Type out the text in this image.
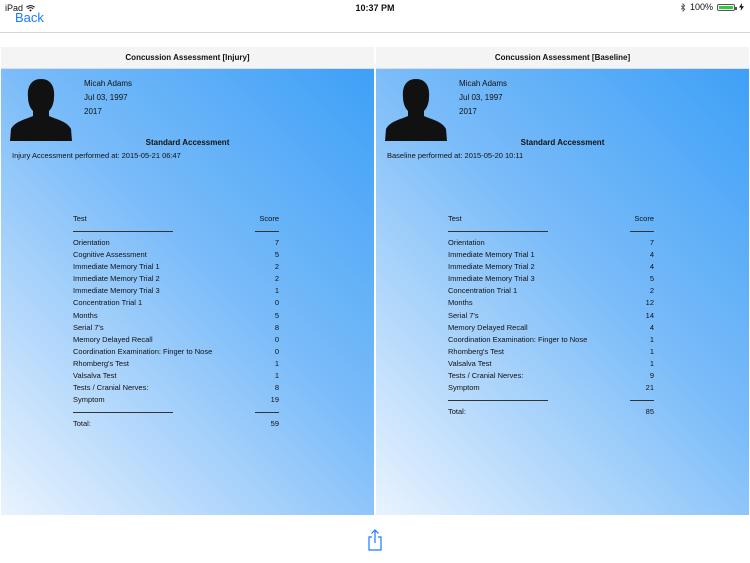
iPad	10:37 PM	100%
Back
Concussion Assessment [Injury]
Micah Adams
Jul 03, 1997
2017
Standard Accessment
Injury Accessment performed at: 2015-05-21 06:47
Test	Score
Orientation	7
Cognitive Assessment	5
Immediate Memory Trial 1	2
Immediate Memory Trial 2	2
Immediate Memory Trial 3	1
Concentration Trial 1	0
Months	5
Serial 7's	8
Memory Delayed Recall	0
Coordination Examination: Finger to Nose	0
Rhomberg's Test	1
Valsalva Test	1
Tests / Cranial Nerves:	8
Symptom	19
Total:	59
Concussion Assessment [Baseline]
Micah Adams
Jul 03, 1997
2017
Standard Accessment
Baseline performed at: 2015-05-20 10:11
Test	Score
Orientation	7
Immediate Memory Trial 1	4
Immediate Memory Trial 2	4
Immediate Memory Trial 3	5
Concentration Trial 1	2
Months	12
Serial 7's	14
Memory Delayed Recall	4
Coordination Examination: Finger to Nose	1
Rhomberg's Test	1
Valsalva Test	1
Tests / Cranial Nerves:	9
Symptom	21
Total:	85
